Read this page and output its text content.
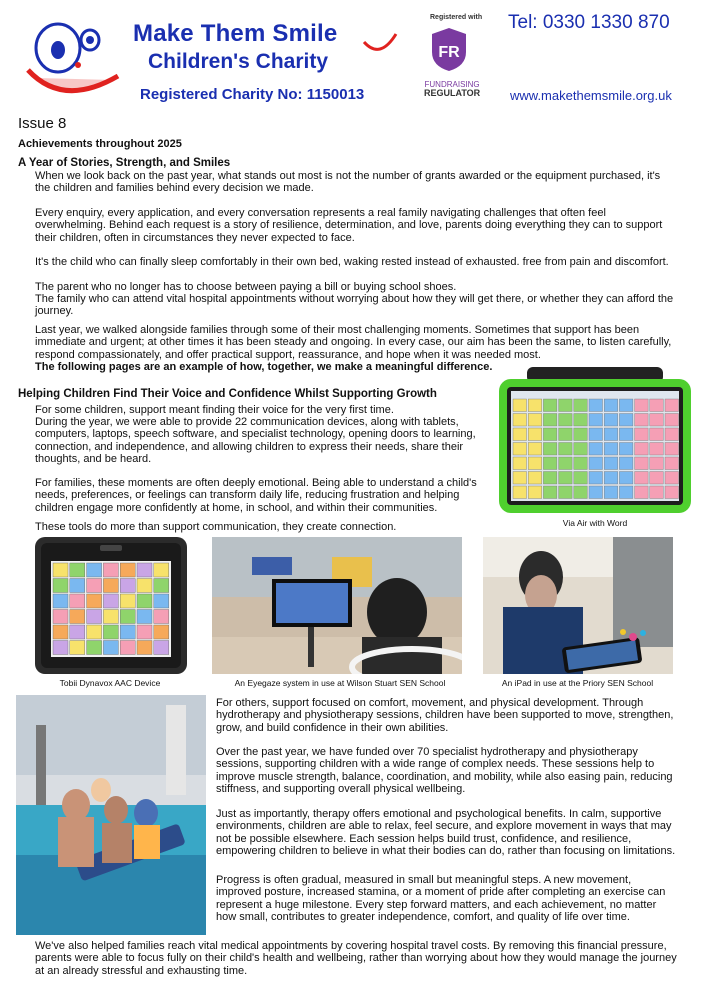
Make Them Smile
Children's Charity
Registered Charity No: 1150013
Registered with
FR
FUNDRAISING
REGULATOR
Tel: 0330 1330 870
www.makethemsmile.org.uk
Issue 8
Achievements throughout 2025
A Year of Stories, Strength, and Smiles
When we look back on the past year, what stands out most is not the number of grants awarded or the equipment purchased, it's the children and families behind every decision we made.
Every enquiry, every application, and every conversation represents a real family navigating challenges that often feel overwhelming. Behind each request is a story of resilience, determination, and love, parents doing everything they can to support their children, often in circumstances they never expected to face.
It's the child who can finally sleep comfortably in their own bed, waking rested instead of exhausted. free from pain and discomfort.
The parent who no longer has to choose between paying a bill or buying school shoes.
The family who can attend vital hospital appointments without worrying about how they will get there, or whether they can afford the journey.
Last year, we walked alongside families through some of their most challenging moments. Sometimes that support has been immediate and urgent; at other times it has been steady and ongoing. In every case, our aim has been the same, to listen carefully, respond compassionately, and offer practical support, reassurance, and hope when it was needed most.
The following pages are an example of how, together, we make a meaningful difference.
Helping Children Find Their Voice and Confidence Whilst Supporting Growth
For some children, support meant finding their voice for the very first time.
During the year, we were able to provide 22 communication devices, along with tablets, computers, laptops, speech software, and specialist technology, opening doors to learning, connection, and independence, and allowing children to express their needs, share their thoughts, and be heard.
For families, these moments are often deeply emotional. Being able to understand a child's needs, preferences, or feelings can transform daily life, reducing frustration and helping children engage more confidently at home, in school, and within their communities.
These tools do more than support communication, they create connection.	Via Air with Word
Tobii Dynavox AAC Device	An Eyegaze system in use at Wilson Stuart SEN School	An iPad in use at the Priory SEN School
For others, support focused on comfort, movement, and physical development. Through hydrotherapy and physiotherapy sessions, children have been supported to move, strengthen, grow, and build confidence in their own abilities.
Over the past year, we have funded over 70 specialist hydrotherapy and physiotherapy sessions, supporting children with a wide range of complex needs. These sessions help to improve muscle strength, balance, coordination, and mobility, while also easing pain, reducing stiffness, and supporting overall physical wellbeing.
Just as importantly, therapy offers emotional and psychological benefits. In calm, supportive environments, children are able to relax, feel secure, and explore movement in ways that may not be possible elsewhere. Each session helps build trust, confidence, and resilience, empowering children to believe in what their bodies can do, rather than focusing on limitations.
Progress is often gradual, measured in small but meaningful steps. A new movement, improved posture, increased stamina, or a moment of pride after completing an exercise can represent a huge milestone. Every step forward matters, and each achievement, no matter how small, contributes to greater independence, comfort, and quality of life over time.
We've also helped families reach vital medical appointments by covering hospital travel costs. By removing this financial pressure, parents were able to focus fully on their child's health and wellbeing, rather than worrying about how they would manage the journey at an already stressful and exhausting time.
